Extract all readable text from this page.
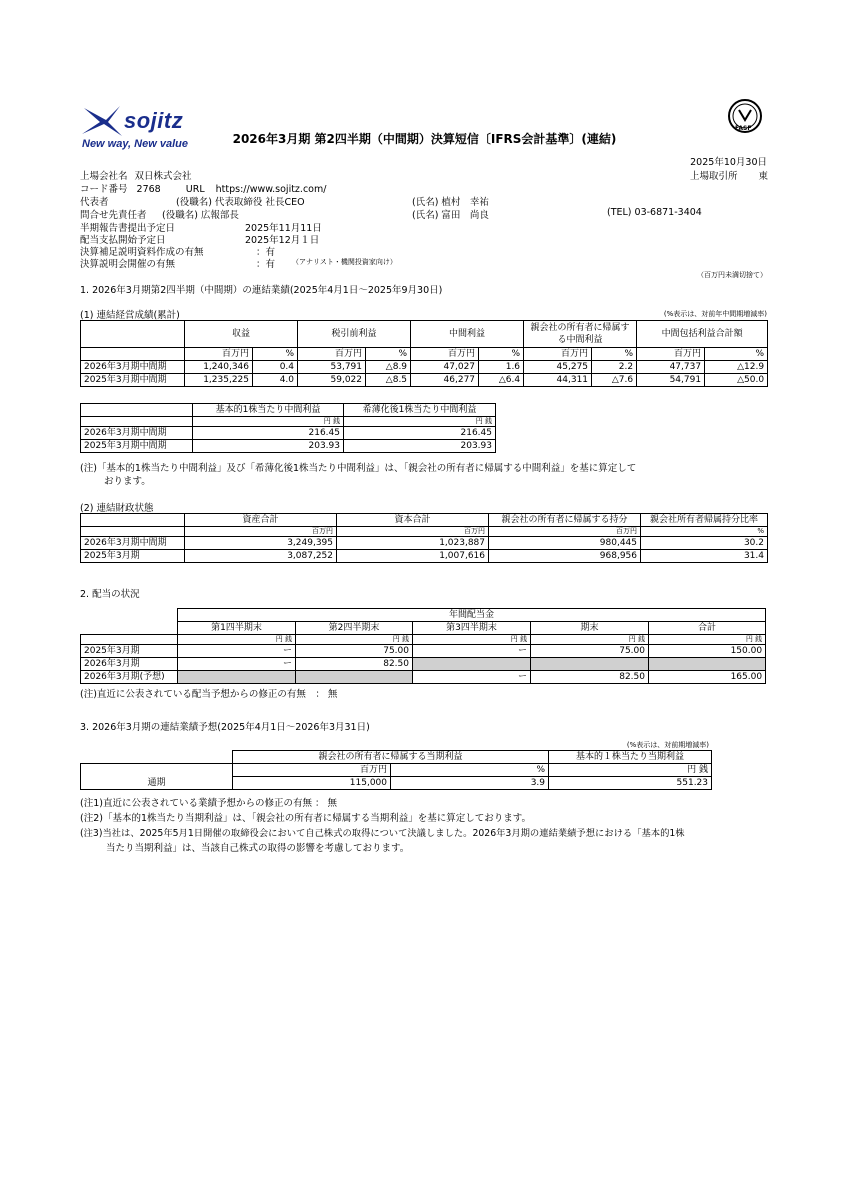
sojitz
New way, New value
FASF
2026年3月期 第2四半期（中間期）決算短信〔IFRS会計基準〕(連結)
2025年10月30日
上場会社名 双日株式会社	上場取引所 東
コード番号 2768	URL https://www.sojitz.com/
代表者	(役職名) 代表取締役 社長CEO	(氏名) 植村　幸祐
問合せ先責任者 (役職名) 広報部長	(氏名) 富田　尚良	(TEL) 03-6871-3404
半期報告書提出予定日	2025年11月11日
配当支払開始予定日	2025年12月１日
決算補足説明資料作成の有無	：有
決算説明会開催の有無	：有 （アナリスト・機関投資家向け）
（百万円未満切捨て）
1. 2026年3月期第2四半期（中間期）の連結業績(2025年4月1日～2025年9月30日)
(1) 連結経営成績(累計)	(%表示は、対前年中間期増減率)
	収益		税引前利益		中間利益		親会社の所有者に帰属する中間利益		中間包括利益合計額	
	百万円	%	百万円	%	百万円	%	百万円	%	百万円	%
2026年3月期中間期	1,240,346	0.4	53,791	△8.9	47,027	1.6	45,275	2.2	47,737	△12.9
2025年3月期中間期	1,235,225	4.0	59,022	△8.5	46,277	△6.4	44,311	△7.6	54,791	△50.0
	基本的1株当たり中間利益	希薄化後1株当たり中間利益
	円 銭	円 銭
2026年3月期中間期	216.45	216.45
2025年3月期中間期	203.93	203.93
(注)「基本的1株当たり中間利益」及び「希薄化後1株当たり中間利益」は、「親会社の所有者に帰属する中間利益」を基に算定して
おります。
(2) 連結財政状態
	資産合計	資本合計	親会社の所有者に帰属する持分	親会社所有者帰属持分比率
	百万円	百万円	百万円	%
2026年3月期中間期	3,249,395	1,023,887	980,445	30.2
2025年3月期	3,087,252	1,007,616	968,956	31.4
2. 配当の状況
	年間配当金				
	第1四半期末	第2四半期末	第3四半期末	期末	合計
	円 銭	円 銭	円 銭	円 銭	円 銭
2025年3月期	ー	75.00	ー	75.00	150.00
2026年3月期	ー	82.50			
2026年3月期(予想)			ー	82.50	165.00
(注)直近に公表されている配当予想からの修正の有無　： 無
3. 2026年3月期の連結業績予想(2025年4月1日～2026年3月31日)
(%表示は、対前期増減率)
	親会社の所有者に帰属する当期利益		基本的１株当たり当期利益
	百万円	%	円 銭
通期	115,000	3.9	551.23
(注1)直近に公表されている業績予想からの修正の有無 ： 無
(注2)「基本的1株当たり当期利益」は、「親会社の所有者に帰属する当期利益」を基に算定しております。
(注3)当社は、2025年5月1日開催の取締役会において自己株式の取得について決議しました。2026年3月期の連結業績予想における「基本的1株
当たり当期利益」は、当該自己株式の取得の影響を考慮しております。
